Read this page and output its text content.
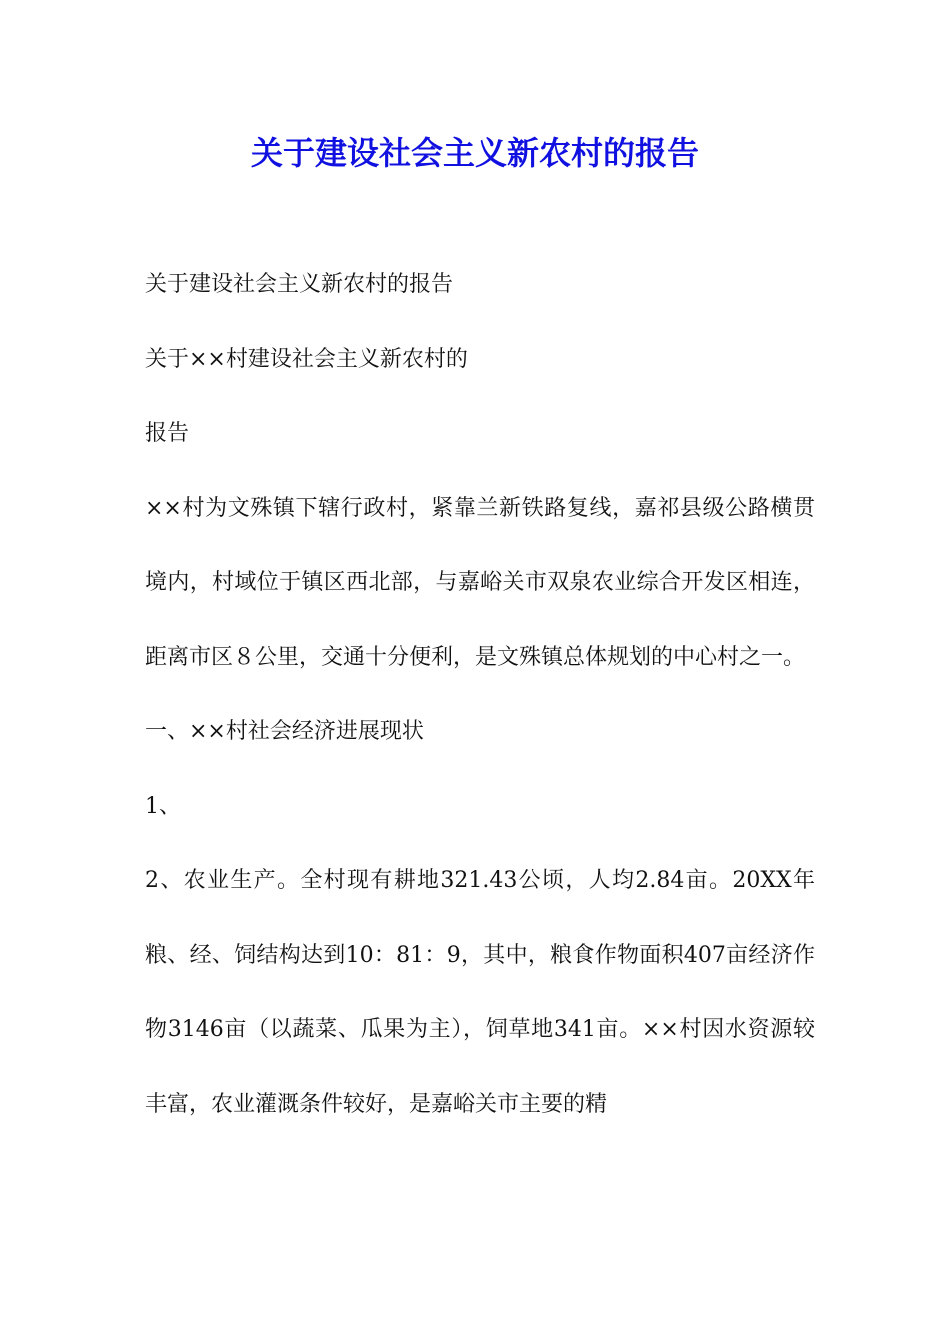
关于建设社会主义新农村的报告

关于建设社会主义新农村的报告

关于××村建设社会主义新农村的

报告

××村为文殊镇下辖行政村，紧靠兰新铁路复线，嘉祁县级公路横贯境内，村域位于镇区西北部，与嘉峪关市双泉农业综合开发区相连，距离市区８公里，交通十分便利，是文殊镇总体规划的中心村之一。

一、××村社会经济进展现状

1、

2、农业生产。全村现有耕地321.43公顷，人均2.84亩。20XX年粮、经、饲结构达到10：81：9，其中，粮食作物面积407亩经济作物3146亩（以蔬菜、瓜果为主），饲草地341亩。××村因水资源较丰富，农业灌溉条件较好，是嘉峪关市主要的精
